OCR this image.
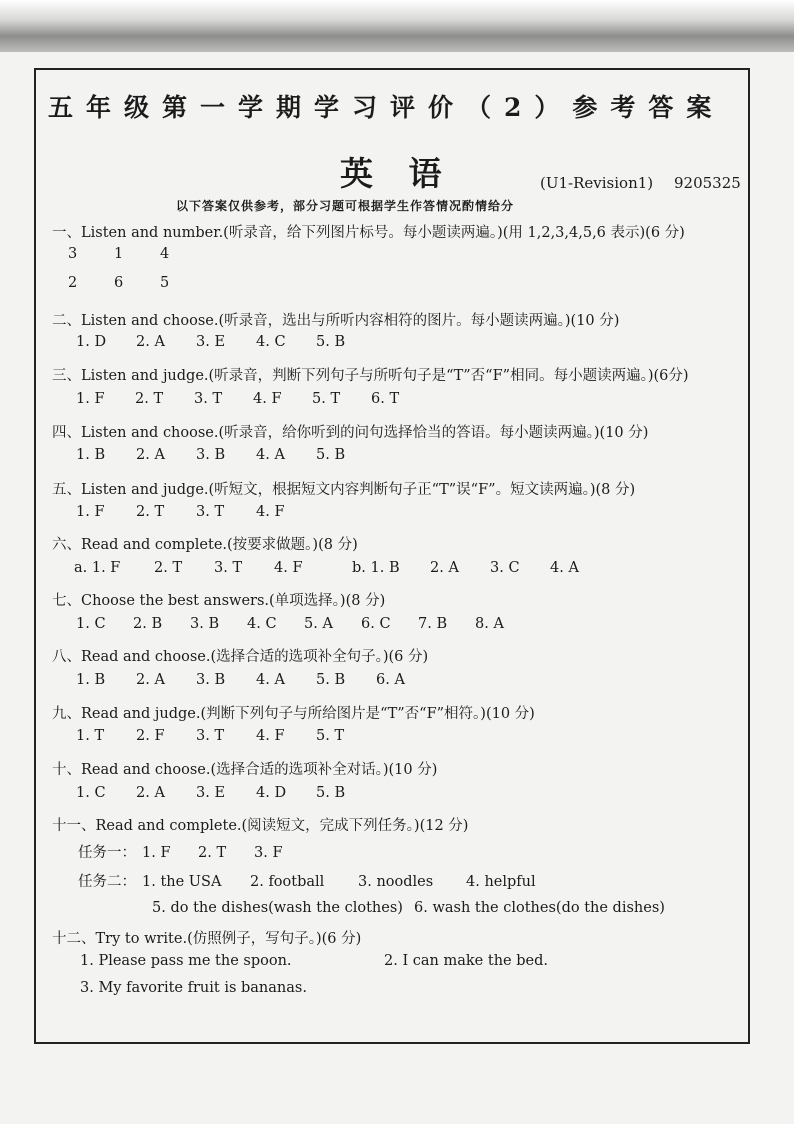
五年级第一学期学习评价（2）参考答案
英 语	(U1-Revision1) 9205325
以下答案仅供参考，部分习题可根据学生作答情况酌情给分
一、Listen and number.(听录音，给下列图片标号。每小题读两遍。)(用 1,2,3,4,5,6 表示)(6 分)
3	1	4
2	6	5
二、Listen and choose.(听录音，选出与所听内容相符的图片。每小题读两遍。)(10 分)
1. D 2. A 3. E 4. C 5. B
三、Listen and judge.(听录音，判断下列句子与所听句子是“T”否“F”相同。每小题读两遍。)(6分)
1. F 2. T 3. T 4. F 5. T 6. T
四、Listen and choose.(听录音，给你听到的问句选择恰当的答语。每小题读两遍。)(10 分)
1. B 2. A 3. B 4. A 5. B
五、Listen and judge.(听短文，根据短文内容判断句子正“T”误“F”。短文读两遍。)(8 分)
1. F 2. T 3. T 4. F
六、Read and complete.(按要求做题。)(8 分)
a. 1. F 2. T 3. T 4. F	b. 1. B 2. A 3. C 4. A
七、Choose the best answers.(单项选择。)(8 分)
1. C 2. B 3. B 4. C 5. A 6. C 7. B 8. A
八、Read and choose.(选择合适的选项补全句子。)(6 分)
1. B 2. A 3. B 4. A 5. B 6. A
九、Read and judge.(判断下列句子与所给图片是“T”否“F”相符。)(10 分)
1. T 2. F 3. T 4. F 5. T
十、Read and choose.(选择合适的选项补全对话。)(10 分)
1. C 2. A 3. E 4. D 5. B
十一、Read and complete.(阅读短文，完成下列任务。)(12 分)
任务一： 1. F 2. T 3. F
任务二： 1. the USA 2. football 3. noodles 4. helpful
5. do the dishes(wash the clothes) 6. wash the clothes(do the dishes)
十二、Try to write.(仿照例子，写句子。)(6 分)
1. Please pass me the spoon.	2. I can make the bed.
3. My favorite fruit is bananas.
